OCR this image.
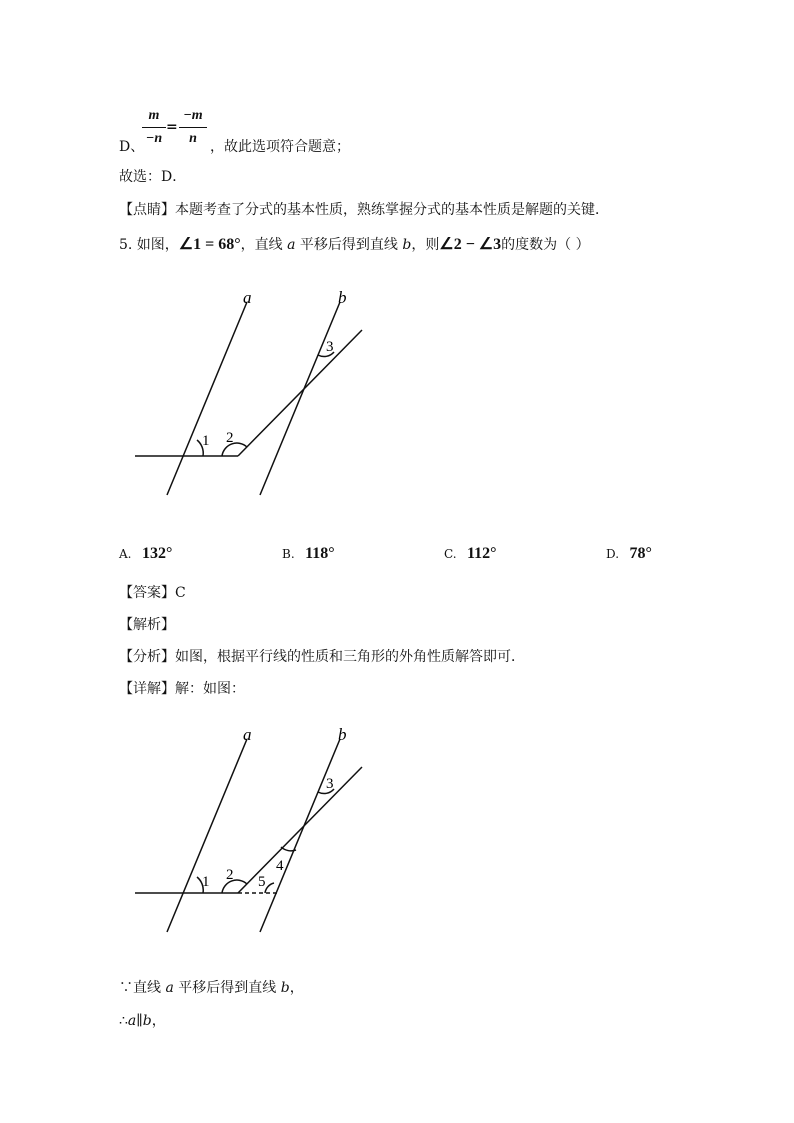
D、
m
−n
=
−m
n
，故此选项符合题意；
故选：D．
【点睛】本题考查了分式的基本性质，熟练掌握分式的基本性质是解题的关键．
5. 如图，∠1 = 68°，直线 a 平移后得到直线 b，则∠2 − ∠3的度数为（ ）
a	b
1 2
3
A. 132°	B. 118°	C. 112°	D. 78°
【答案】C
【解析】
【分析】如图，根据平行线的性质和三角形的外角性质解答即可．
【详解】解：如图：
a	b
1 2
3
4
5
∵直线 a 平移后得到直线 b，
∴a∥b，
